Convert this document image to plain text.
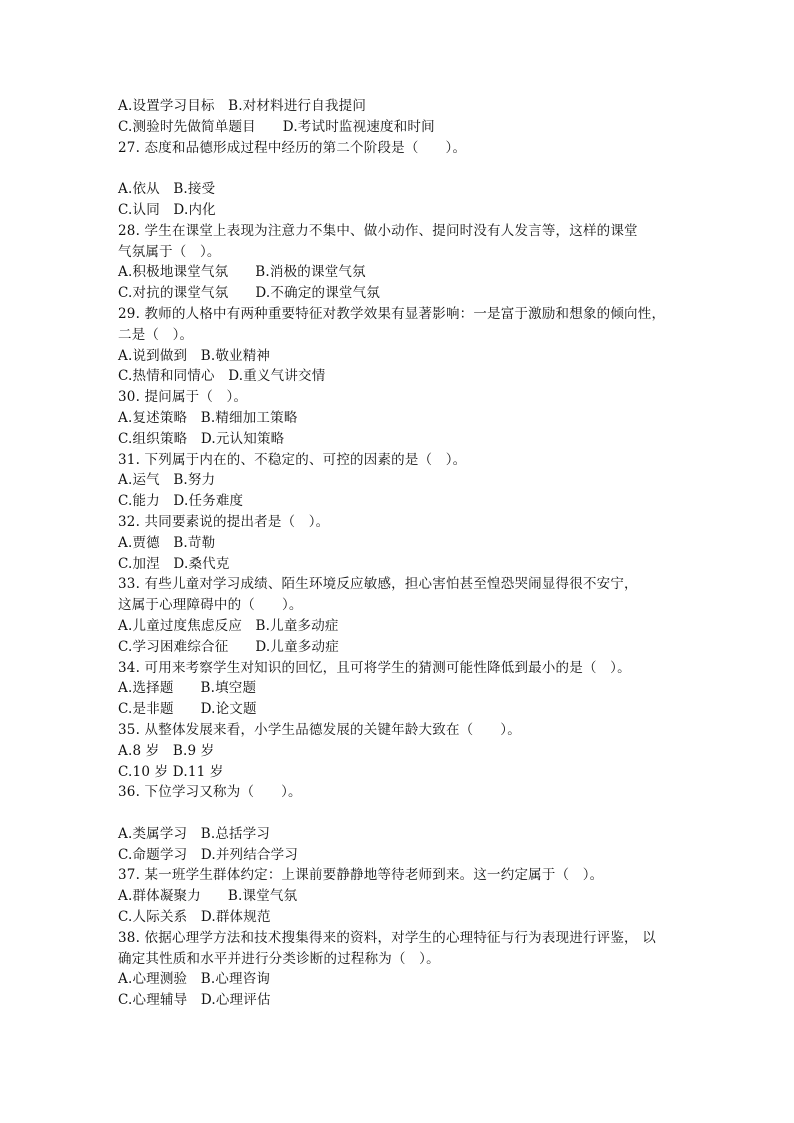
A.设置学习目标   B.对材料进行自我提问
C.测验时先做简单题目      D.考试时监视速度和时间
27. 态度和品德形成过程中经历的第二个阶段是（      ）。
A.依从   B.接受
C.认同   D.内化
28. 学生在课堂上表现为注意力不集中、做小动作、提问时没有人发言等，这样的课堂
气氛属于（   ）。
A.积极地课堂气氛      B.消极的课堂气氛
C.对抗的课堂气氛      D.不确定的课堂气氛
29. 教师的人格中有两种重要特征对教学效果有显著影响：一是富于激励和想象的倾向性，
二是（   ）。
A.说到做到   B.敬业精神
C.热情和同情心   D.重义气讲交情
30. 提问属于（   ）。
A.复述策略   B.精细加工策略
C.组织策略   D.元认知策略
31. 下列属于内在的、不稳定的、可控的因素的是（   ）。
A.运气   B.努力
C.能力   D.任务难度
32. 共同要素说的提出者是（   ）。
A.贾德   B.苛勒
C.加涅   D.桑代克
33. 有些儿童对学习成绩、陌生环境反应敏感，担心害怕甚至惶恐哭闹显得很不安宁，
这属于心理障碍中的（      ）。
A.儿童过度焦虑反应   B.儿童多动症
C.学习困难综合征      D.儿童多动症
34. 可用来考察学生对知识的回忆，且可将学生的猜测可能性降低到最小的是（   ）。
A.选择题      B.填空题
C.是非题      D.论文题
35. 从整体发展来看，小学生品德发展的关键年龄大致在（      ）。
A.8 岁   B.9 岁
C.10 岁 D.11 岁
36. 下位学习又称为（      ）。
A.类属学习   B.总括学习
C.命题学习   D.并列结合学习
37. 某一班学生群体约定：上课前要静静地等待老师到来。这一约定属于（   ）。
A.群体凝聚力      B.课堂气氛
C.人际关系   D.群体规范
38. 依据心理学方法和技术搜集得来的资料，对学生的心理特征与行为表现进行评鉴， 以
确定其性质和水平并进行分类诊断的过程称为（   ）。
A.心理测验   B.心理咨询
C.心理辅导   D.心理评估
